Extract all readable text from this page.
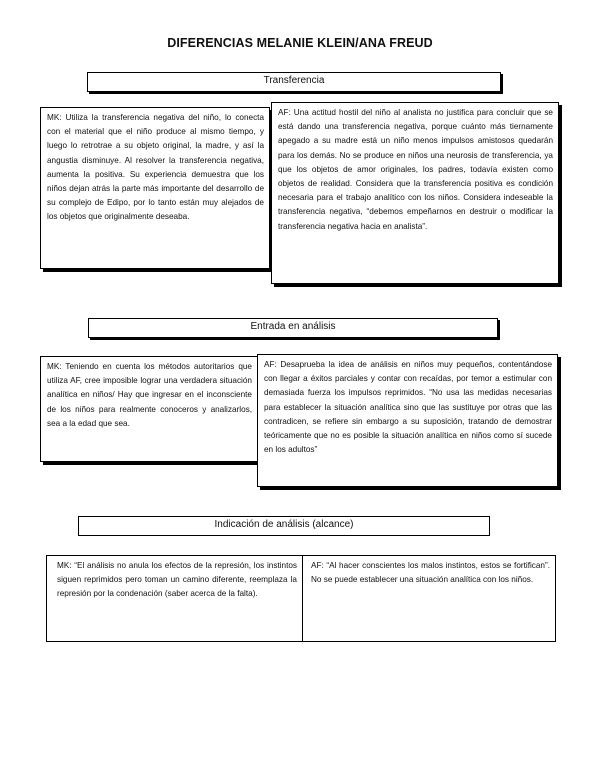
DIFERENCIAS MELANIE KLEIN/ANA FREUD
Transferencia
MK: Utiliza la transferencia negativa del niño, lo conecta con el material que el niño produce al mismo tiempo, y luego lo retrotrae a su objeto original, la madre, y así la angustia disminuye. Al resolver la transferencia negativa, aumenta la positiva. Su experiencia demuestra que los niños dejan atrás la parte más importante del desarrollo de su complejo de Edipo, por lo tanto están muy alejados de los objetos que originalmente deseaba.
AF: Una actitud hostil del niño al analista no justifica para concluir que se está dando una transferencia negativa, porque cuánto más tiernamente apegado a su madre está un niño menos impulsos amistosos quedarán para los demás. No se produce en niños una neurosis de transferencia, ya que los objetos de amor originales, los padres, todavía existen como objetos de realidad. Considera que la transferencia positiva es condición necesaria para el trabajo analítico con los niños. Considera indeseable la transferencia negativa, “debemos empeñarnos en destruir o modificar la transferencia negativa hacia en analista”.
Entrada en análisis
MK: Teniendo en cuenta los métodos autoritarios que utiliza AF, cree imposible lograr una verdadera situación analítica en niños/ Hay que ingresar en el inconsciente de los niños para realmente conoceros y analizarlos, sea a la edad que sea.
AF: Desaprueba la idea de análisis en niños muy pequeños, contentándose con llegar a éxitos parciales y contar con recaídas, por temor a estimular con demasiada fuerza los impulsos reprimidos. “No usa las medidas necesarias para establecer la situación analítica sino que las sustituye por otras que las contradicen, se refiere sin embargo a su suposición, tratando de demostrar teóricamente que no es posible la situación analítica en niños como sí sucede en los adultos”
Indicación de análisis (alcance)
MK: “El análisis no anula los efectos de la represión, los instintos siguen reprimidos pero toman un camino diferente, reemplaza la represión por la condenación (saber acerca de la falta).
AF: “Al hacer conscientes los malos instintos, estos se fortifican”. No se puede establecer una situación analítica con los niños.
